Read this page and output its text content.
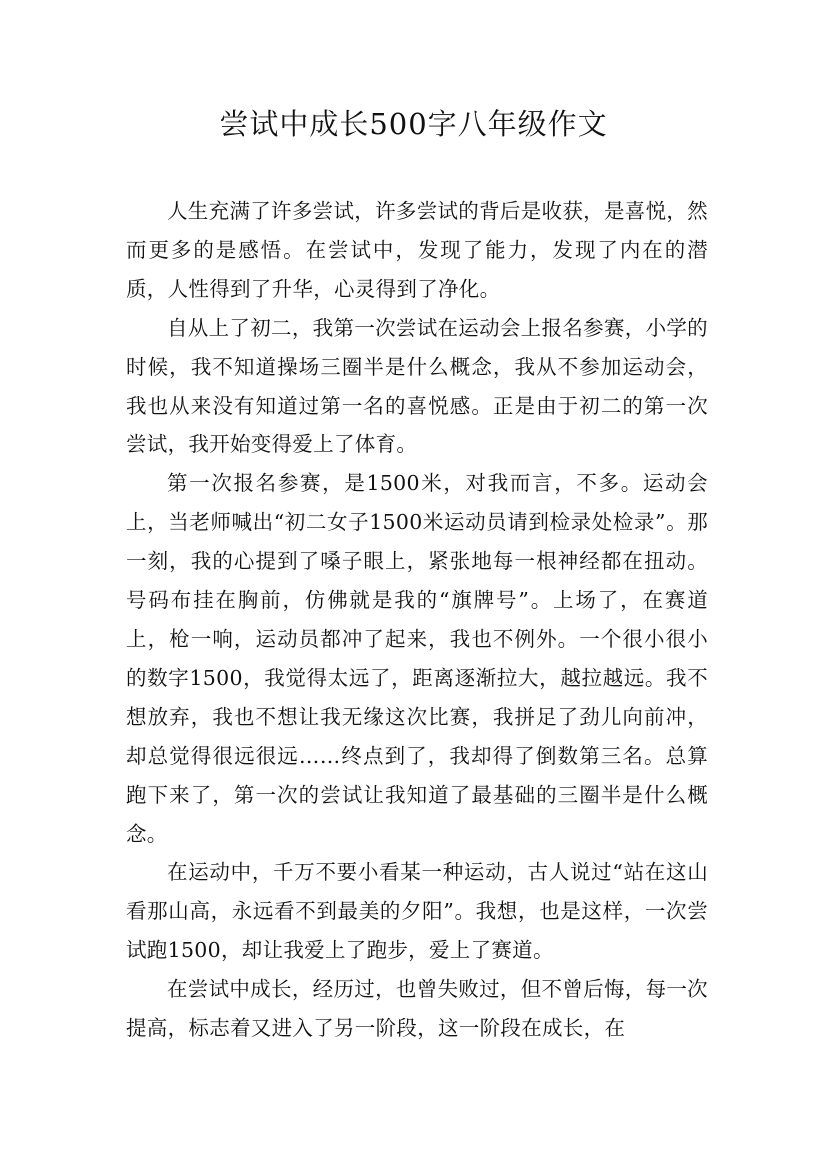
尝试中成长500字八年级作文

人生充满了许多尝试，许多尝试的背后是收获，是喜悦，然而更多的是感悟。在尝试中，发现了能力，发现了内在的潜质，人性得到了升华，心灵得到了净化。

自从上了初二，我第一次尝试在运动会上报名参赛，小学的时候，我不知道操场三圈半是什么概念，我从不参加运动会，我也从来没有知道过第一名的喜悦感。正是由于初二的第一次尝试，我开始变得爱上了体育。

第一次报名参赛，是1500米，对我而言，不多。运动会上，当老师喊出“初二女子1500米运动员请到检录处检录”。那一刻，我的心提到了嗓子眼上，紧张地每一根神经都在扭动。号码布挂在胸前，仿佛就是我的“旗牌号”。上场了，在赛道上，枪一响，运动员都冲了起来，我也不例外。一个很小很小的数字1500，我觉得太远了，距离逐渐拉大，越拉越远。我不想放弃，我也不想让我无缘这次比赛，我拼足了劲儿向前冲，却总觉得很远很远……终点到了，我却得了倒数第三名。总算跑下来了，第一次的尝试让我知道了最基础的三圈半是什么概念。

在运动中，千万不要小看某一种运动，古人说过“站在这山看那山高，永远看不到最美的夕阳”。我想，也是这样，一次尝试跑1500，却让我爱上了跑步，爱上了赛道。

在尝试中成长，经历过，也曾失败过，但不曾后悔，每一次提高，标志着又进入了另一阶段，这一阶段在成长，在
